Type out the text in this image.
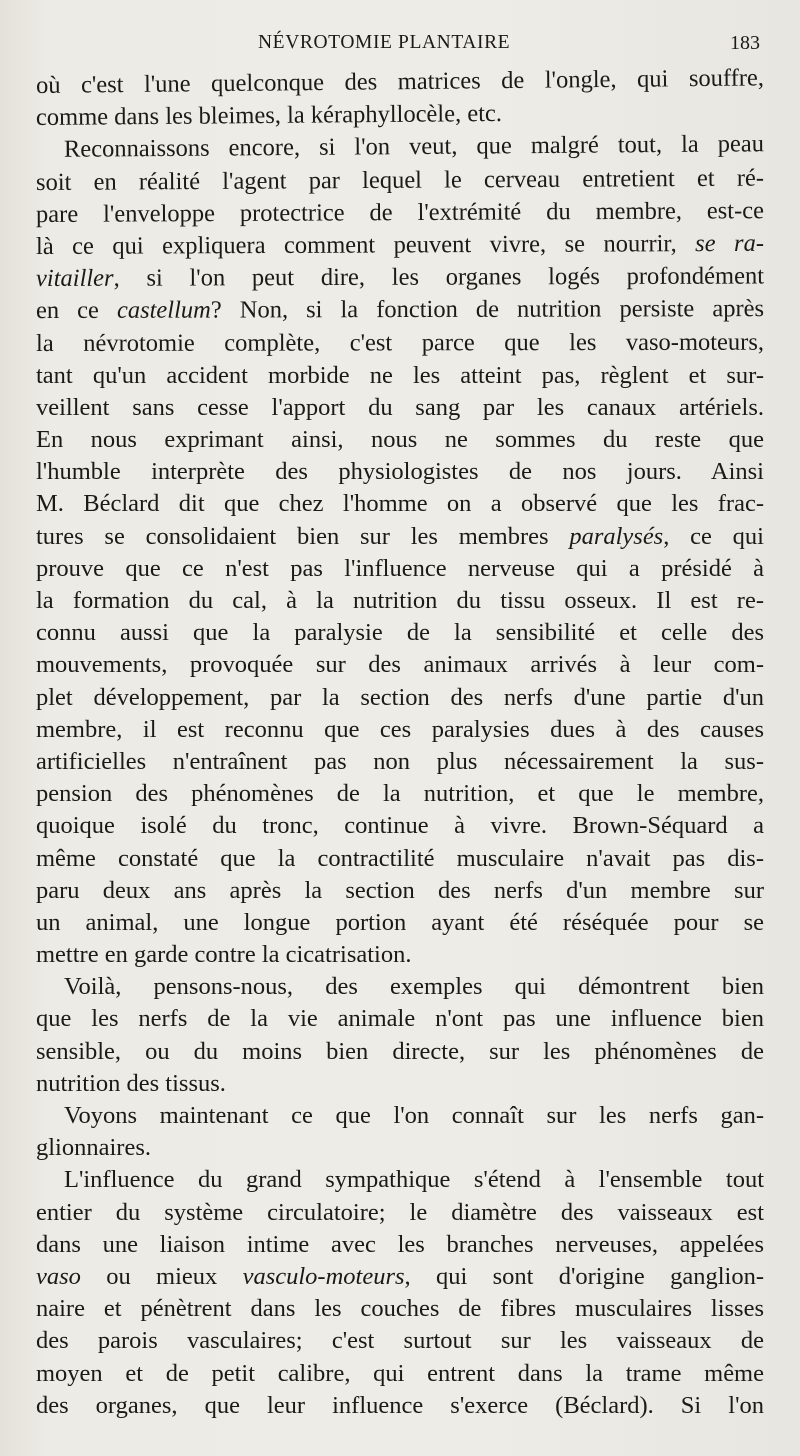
NÉVROTOMIE PLANTAIRE	183
où c'est l'une quelconque des matrices de l'ongle, qui souffre,
comme dans les bleimes, la kéraphyllocèle, etc.
Reconnaissons encore, si l'on veut, que malgré tout, la peau
soit en réalité l'agent par lequel le cerveau entretient et ré-
pare l'enveloppe protectrice de l'extrémité du membre, est-ce
là ce qui expliquera comment peuvent vivre, se nourrir, se ra-
vitailler, si l'on peut dire, les organes logés profondément
en ce castellum? Non, si la fonction de nutrition persiste après
la névrotomie complète, c'est parce que les vaso-moteurs,
tant qu'un accident morbide ne les atteint pas, règlent et sur-
veillent sans cesse l'apport du sang par les canaux artériels.
En nous exprimant ainsi, nous ne sommes du reste que
l'humble interprète des physiologistes de nos jours. Ainsi
M. Béclard dit que chez l'homme on a observé que les frac-
tures se consolidaient bien sur les membres paralysés, ce qui
prouve que ce n'est pas l'influence nerveuse qui a présidé à
la formation du cal, à la nutrition du tissu osseux. Il est re-
connu aussi que la paralysie de la sensibilité et celle des
mouvements, provoquée sur des animaux arrivés à leur com-
plet développement, par la section des nerfs d'une partie d'un
membre, il est reconnu que ces paralysies dues à des causes
artificielles n'entraînent pas non plus nécessairement la sus-
pension des phénomènes de la nutrition, et que le membre,
quoique isolé du tronc, continue à vivre. Brown-Séquard a
même constaté que la contractilité musculaire n'avait pas dis-
paru deux ans après la section des nerfs d'un membre sur
un animal, une longue portion ayant été réséquée pour se
mettre en garde contre la cicatrisation.
Voilà, pensons-nous, des exemples qui démontrent bien
que les nerfs de la vie animale n'ont pas une influence bien
sensible, ou du moins bien directe, sur les phénomènes de
nutrition des tissus.
Voyons maintenant ce que l'on connaît sur les nerfs gan-
glionnaires.
L'influence du grand sympathique s'étend à l'ensemble tout
entier du système circulatoire; le diamètre des vaisseaux est
dans une liaison intime avec les branches nerveuses, appelées
vaso ou mieux vasculo-moteurs, qui sont d'origine ganglion-
naire et pénètrent dans les couches de fibres musculaires lisses
des parois vasculaires; c'est surtout sur les vaisseaux de
moyen et de petit calibre, qui entrent dans la trame même
des organes, que leur influence s'exerce (Béclard). Si l'on
